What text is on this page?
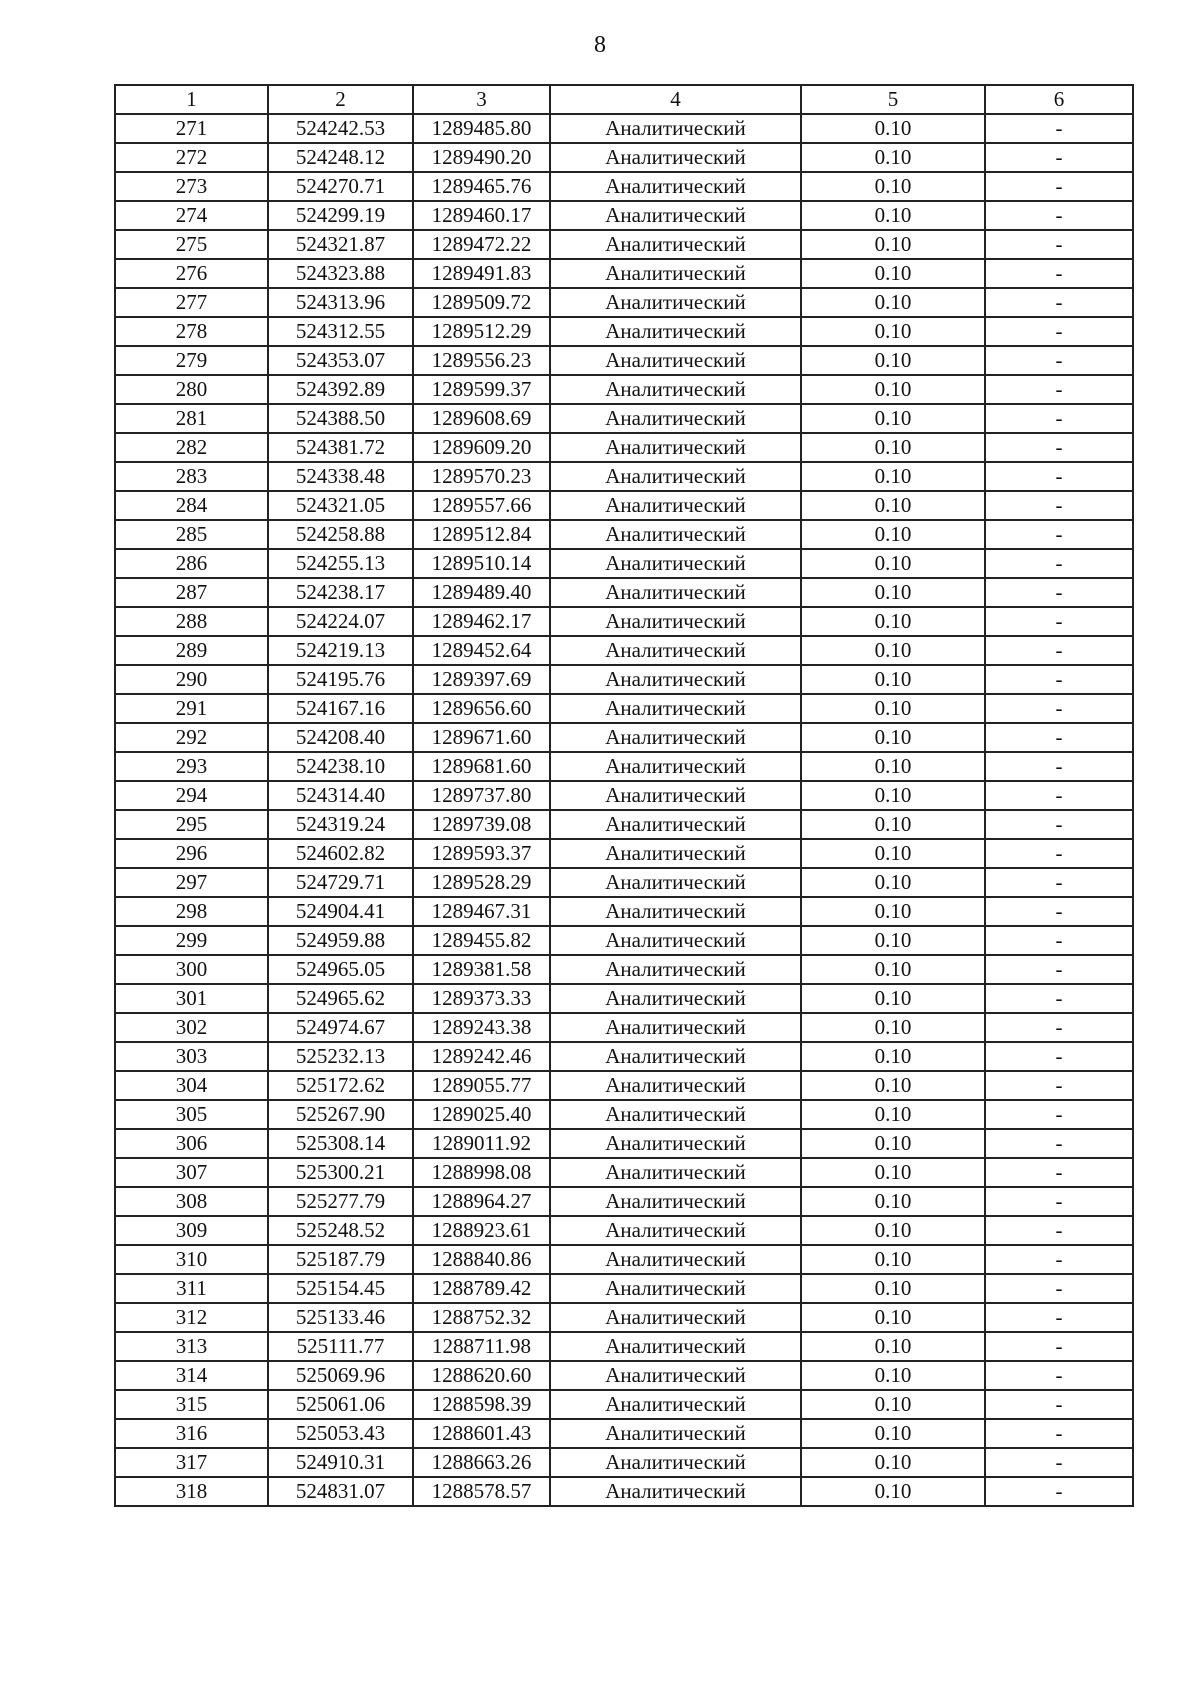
8
1	2	3	4	5	6
271	524242.53	1289485.80	Аналитический	0.10	-
272	524248.12	1289490.20	Аналитический	0.10	-
273	524270.71	1289465.76	Аналитический	0.10	-
274	524299.19	1289460.17	Аналитический	0.10	-
275	524321.87	1289472.22	Аналитический	0.10	-
276	524323.88	1289491.83	Аналитический	0.10	-
277	524313.96	1289509.72	Аналитический	0.10	-
278	524312.55	1289512.29	Аналитический	0.10	-
279	524353.07	1289556.23	Аналитический	0.10	-
280	524392.89	1289599.37	Аналитический	0.10	-
281	524388.50	1289608.69	Аналитический	0.10	-
282	524381.72	1289609.20	Аналитический	0.10	-
283	524338.48	1289570.23	Аналитический	0.10	-
284	524321.05	1289557.66	Аналитический	0.10	-
285	524258.88	1289512.84	Аналитический	0.10	-
286	524255.13	1289510.14	Аналитический	0.10	-
287	524238.17	1289489.40	Аналитический	0.10	-
288	524224.07	1289462.17	Аналитический	0.10	-
289	524219.13	1289452.64	Аналитический	0.10	-
290	524195.76	1289397.69	Аналитический	0.10	-
291	524167.16	1289656.60	Аналитический	0.10	-
292	524208.40	1289671.60	Аналитический	0.10	-
293	524238.10	1289681.60	Аналитический	0.10	-
294	524314.40	1289737.80	Аналитический	0.10	-
295	524319.24	1289739.08	Аналитический	0.10	-
296	524602.82	1289593.37	Аналитический	0.10	-
297	524729.71	1289528.29	Аналитический	0.10	-
298	524904.41	1289467.31	Аналитический	0.10	-
299	524959.88	1289455.82	Аналитический	0.10	-
300	524965.05	1289381.58	Аналитический	0.10	-
301	524965.62	1289373.33	Аналитический	0.10	-
302	524974.67	1289243.38	Аналитический	0.10	-
303	525232.13	1289242.46	Аналитический	0.10	-
304	525172.62	1289055.77	Аналитический	0.10	-
305	525267.90	1289025.40	Аналитический	0.10	-
306	525308.14	1289011.92	Аналитический	0.10	-
307	525300.21	1288998.08	Аналитический	0.10	-
308	525277.79	1288964.27	Аналитический	0.10	-
309	525248.52	1288923.61	Аналитический	0.10	-
310	525187.79	1288840.86	Аналитический	0.10	-
311	525154.45	1288789.42	Аналитический	0.10	-
312	525133.46	1288752.32	Аналитический	0.10	-
313	525111.77	1288711.98	Аналитический	0.10	-
314	525069.96	1288620.60	Аналитический	0.10	-
315	525061.06	1288598.39	Аналитический	0.10	-
316	525053.43	1288601.43	Аналитический	0.10	-
317	524910.31	1288663.26	Аналитический	0.10	-
318	524831.07	1288578.57	Аналитический	0.10	-
